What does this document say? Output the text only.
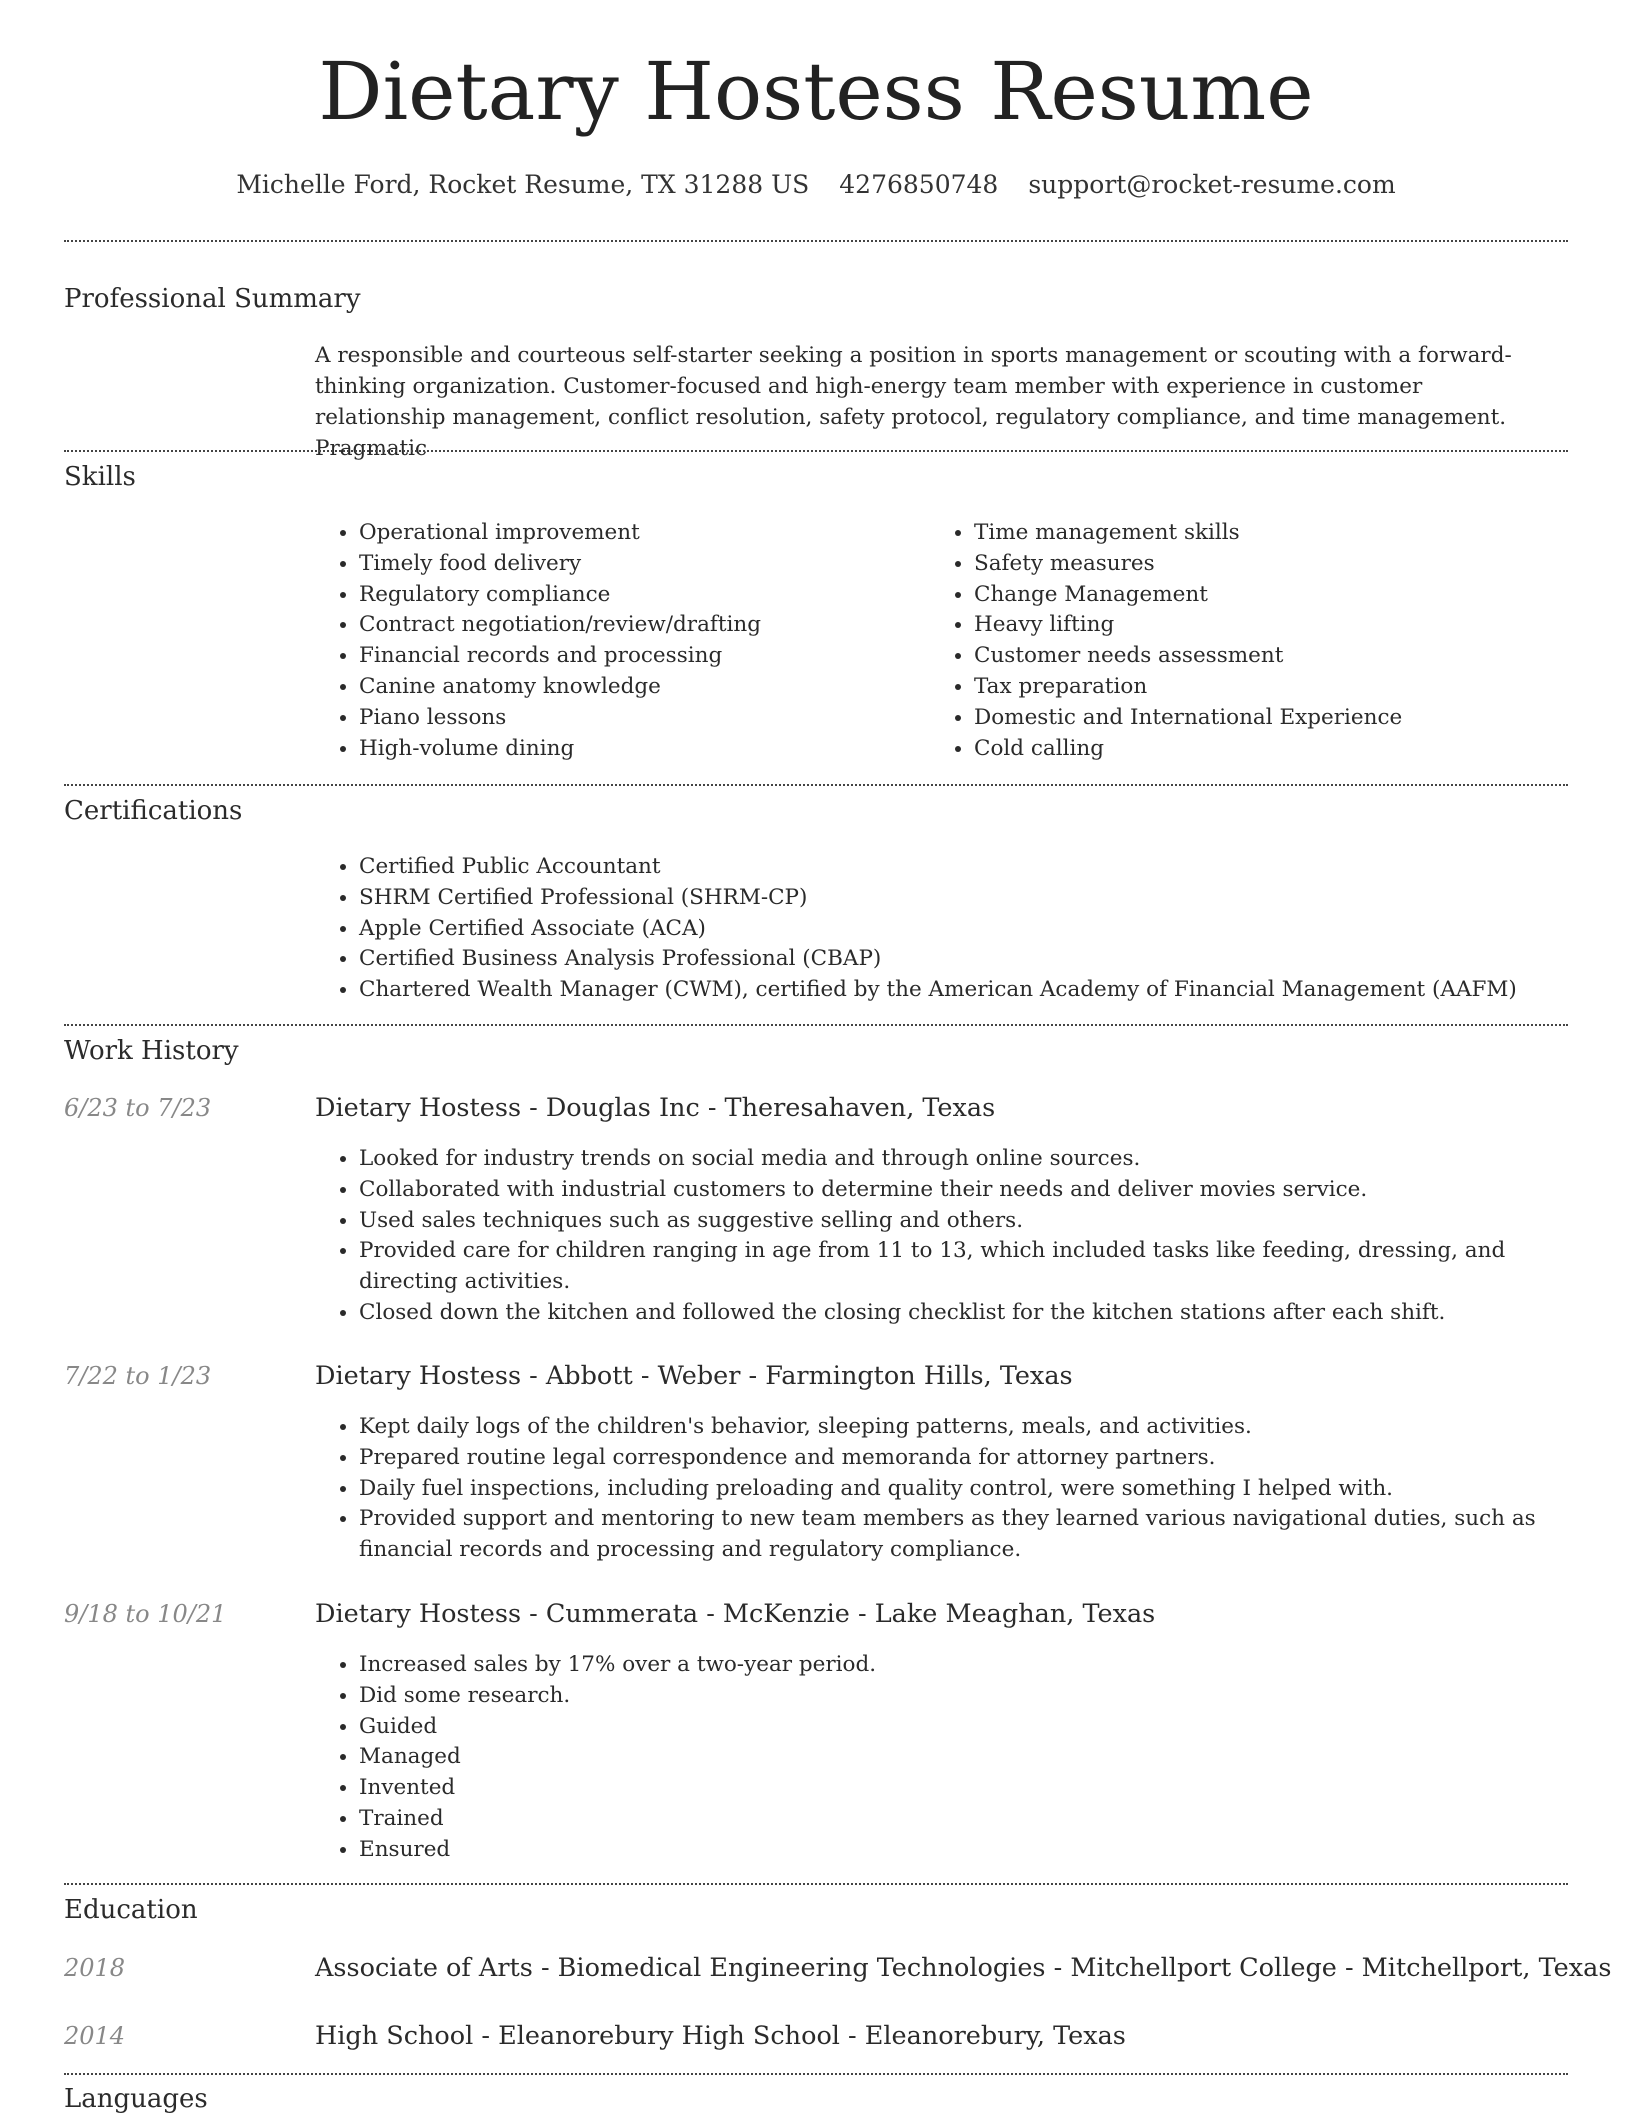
Dietary Hostess Resume
Michelle Ford, Rocket Resume, TX 31288 US 4276850748 support@rocket-resume.com
Professional Summary
A responsible and courteous self-starter seeking a position in sports management or scouting with a forward-thinking organization. Customer-focused and high-energy team member with experience in customer relationship management, conflict resolution, safety protocol, regulatory compliance, and time management. Pragmatic
Skills
• Operational improvement
• Timely food delivery
• Regulatory compliance
• Contract negotiation/review/drafting
• Financial records and processing
• Canine anatomy knowledge
• Piano lessons
• High-volume dining
• Time management skills
• Safety measures
• Change Management
• Heavy lifting
• Customer needs assessment
• Tax preparation
• Domestic and International Experience
• Cold calling
Certifications
• Certified Public Accountant
• SHRM Certified Professional (SHRM-CP)
• Apple Certified Associate (ACA)
• Certified Business Analysis Professional (CBAP)
• Chartered Wealth Manager (CWM), certified by the American Academy of Financial Management (AAFM)
Work History
6/23 to 7/23	Dietary Hostess - Douglas Inc - Theresahaven, Texas
• Looked for industry trends on social media and through online sources.
• Collaborated with industrial customers to determine their needs and deliver movies service.
• Used sales techniques such as suggestive selling and others.
• Provided care for children ranging in age from 11 to 13, which included tasks like feeding, dressing, and directing activities.
• Closed down the kitchen and followed the closing checklist for the kitchen stations after each shift.
7/22 to 1/23	Dietary Hostess - Abbott - Weber - Farmington Hills, Texas
• Kept daily logs of the children's behavior, sleeping patterns, meals, and activities.
• Prepared routine legal correspondence and memoranda for attorney partners.
• Daily fuel inspections, including preloading and quality control, were something I helped with.
• Provided support and mentoring to new team members as they learned various navigational duties, such as financial records and processing and regulatory compliance.
9/18 to 10/21	Dietary Hostess - Cummerata - McKenzie - Lake Meaghan, Texas
• Increased sales by 17% over a two-year period.
• Did some research.
• Guided
• Managed
• Invented
• Trained
• Ensured
Education
2018	Associate of Arts - Biomedical Engineering Technologies - Mitchellport College - Mitchellport, Texas
2014	High School - Eleanorebury High School - Eleanorebury, Texas
Languages
